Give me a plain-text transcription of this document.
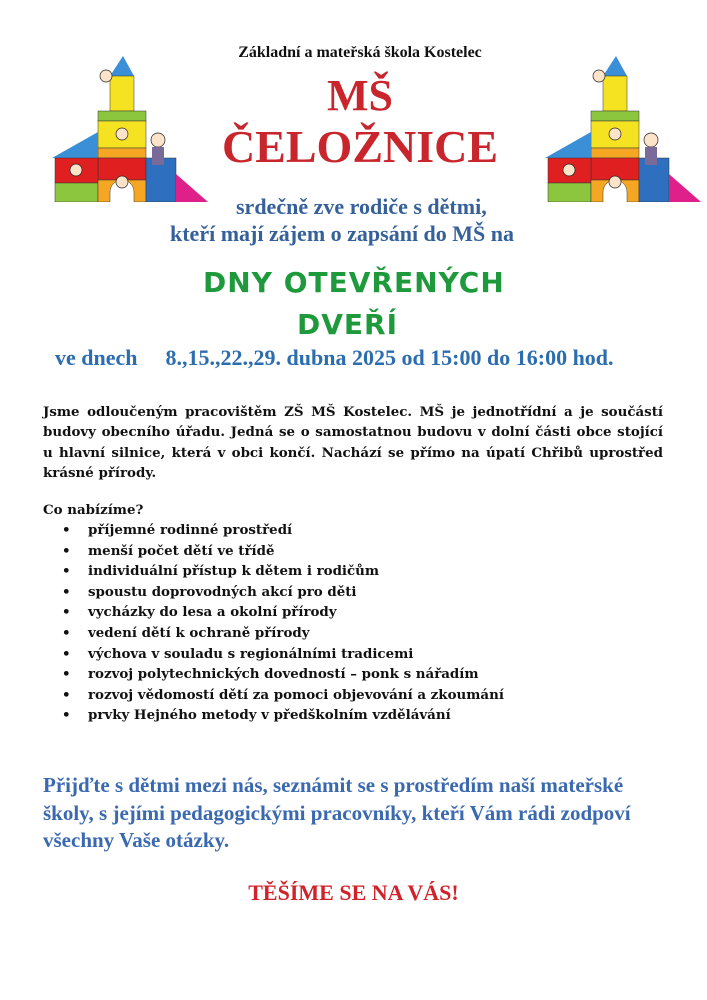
Základní a mateřská škola Kostelec
MŠ
ČELOŽNICE
srdečně zve rodiče s dětmi,
kteří mají zájem o zapsání do MŠ na
DNY OTEVŘENÝCH
DVEŘÍ
ve dnech 8.,15.,22.,29. dubna 2025 od 15:00 do 16:00 hod.
Jsme odloučeným pracovištěm ZŠ MŠ Kostelec. MŠ je jednotřídní a je součástí budovy obecního úřadu. Jedná se o samostatnou budovu v dolní části obce stojící u hlavní silnice, která v obci končí. Nachází se přímo na úpatí Chřibů uprostřed krásné přírody.
Co nabízíme?
• příjemné rodinné prostředí
• menší počet dětí ve třídě
• individuální přístup k dětem i rodičům
• spoustu doprovodných akcí pro děti
• vycházky do lesa a okolní přírody
• vedení dětí k ochraně přírody
• výchova v souladu s regionálními tradicemi
• rozvoj polytechnických dovedností – ponk s nářadím
• rozvoj vědomostí dětí za pomoci objevování a zkoumání
• prvky Hejného metody v předškolním vzdělávání
Přijďte s dětmi mezi nás, seznámit se s prostředím naší mateřské školy, s jejími pedagogickými pracovníky, kteří Vám rádi zodpoví všechny Vaše otázky.
TĚŠÍME SE NA VÁS!
